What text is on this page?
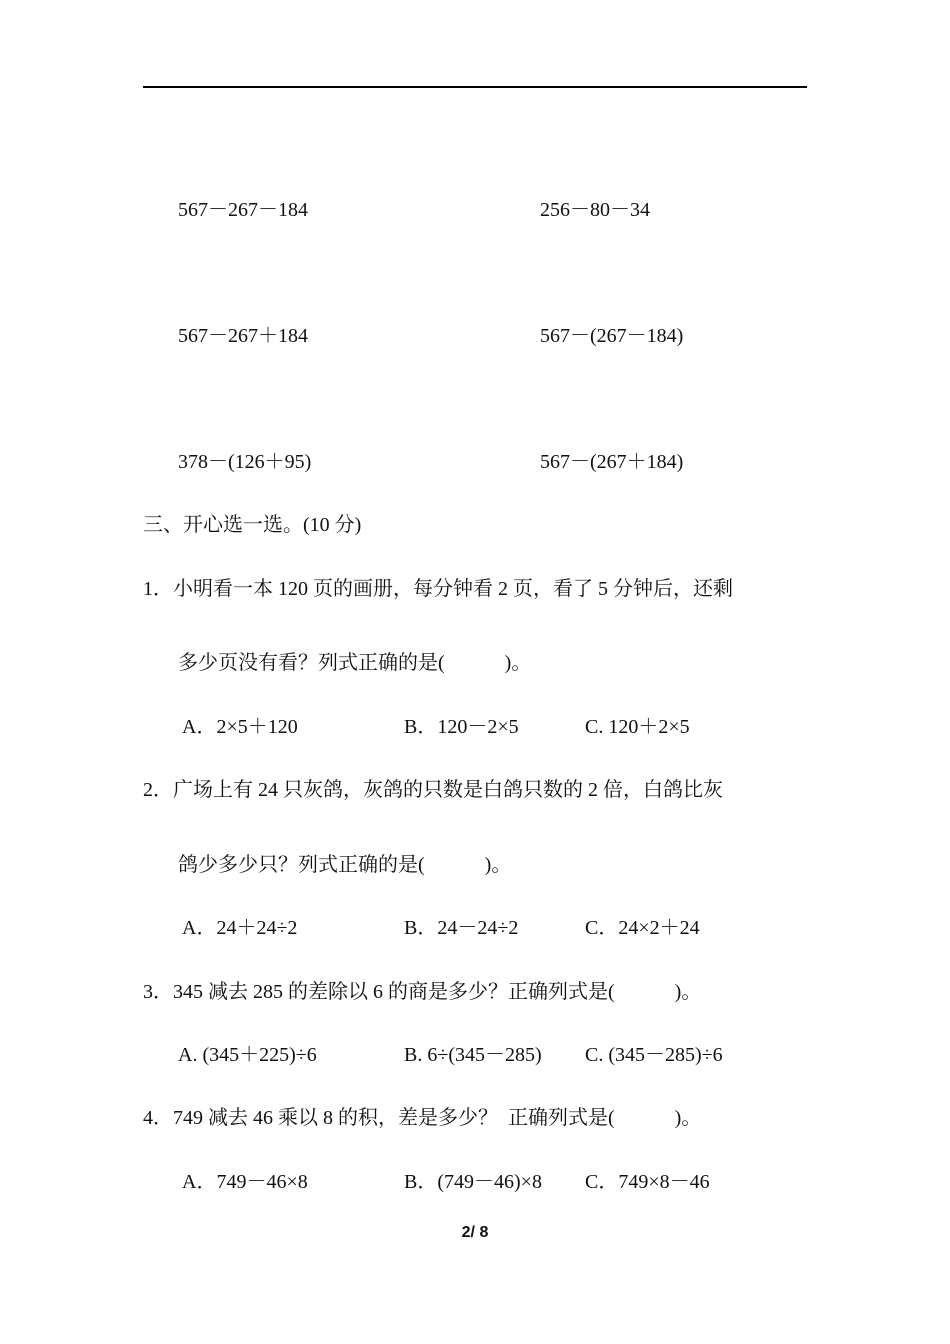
567－267－184	256－80－34
567－267＋184	567－(267－184)
378－(126＋95)	567－(267＋184)
三、开心选一选。(10 分)
1．小明看一本 120 页的画册，每分钟看 2 页，看了 5 分钟后，还剩
多少页没有看？列式正确的是(            )。
A．2×5＋120	B．120－2×5	C. 120＋2×5
2．广场上有 24 只灰鸽，灰鸽的只数是白鸽只数的 2 倍，白鸽比灰
鸽少多少只？列式正确的是(            )。
A．24＋24÷2	B．24－24÷2	C．24×2＋24
3．345 减去 285 的差除以 6 的商是多少？正确列式是(            )。
A. (345＋225)÷6	B. 6÷(345－285) C. (345－285)÷6
4．749 减去 46 乘以 8 的积，差是多少？  正确列式是(            )。
A．749－46×8	B．(749－46)×8 C．749×8－46
2/ 8
